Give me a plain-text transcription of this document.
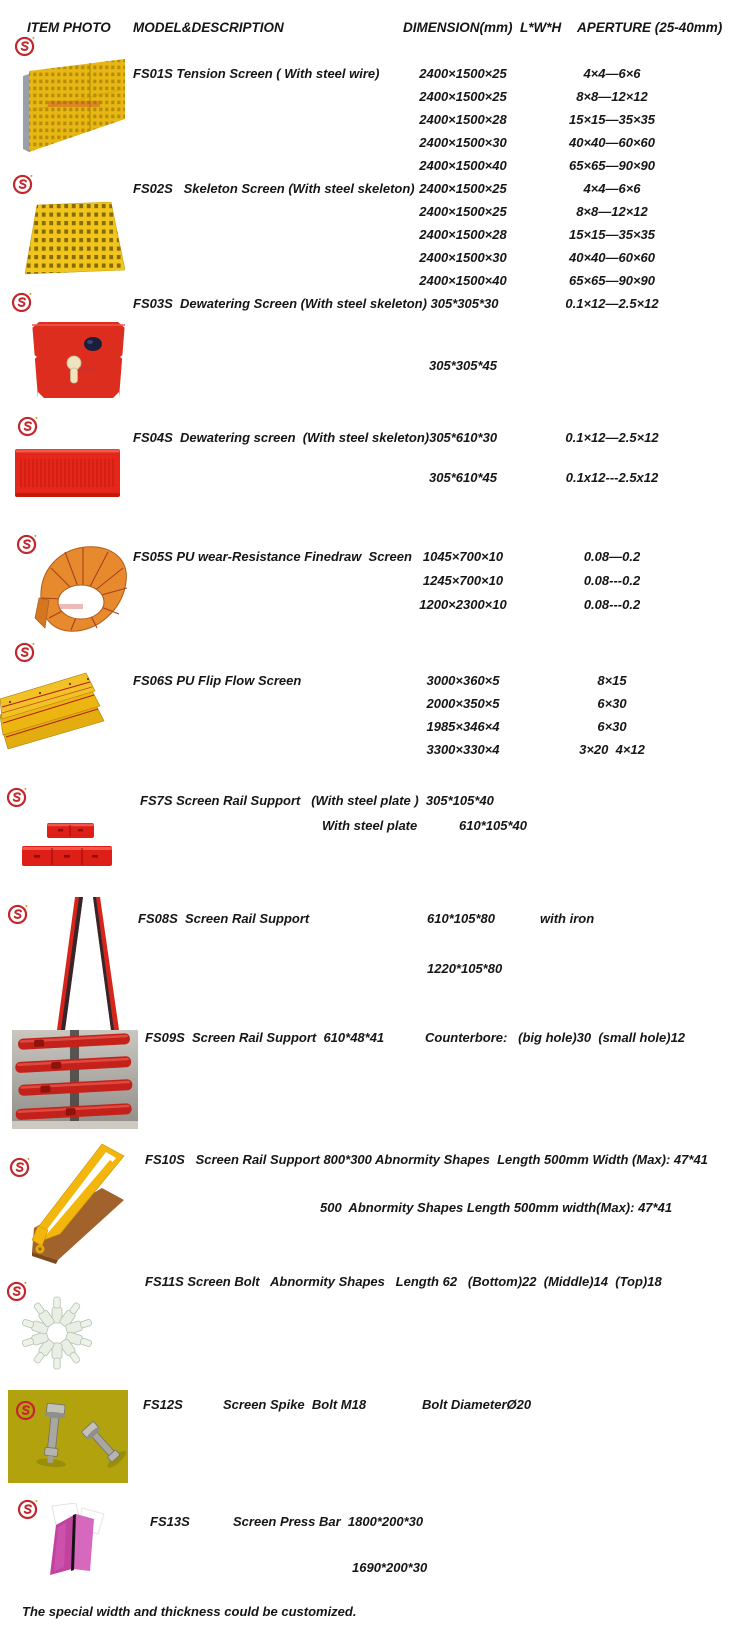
ITEM PHOTO MODEL&DESCRIPTION	DIMENSION(mm)  L*W*H APERTURE (25-40mm)
FS01S Tension Screen ( With steel wire)	2400×1500×25	4×4—6×6
2400×1500×25	8×8—12×12
2400×1500×28	15×15—35×35
2400×1500×30	40×40—60×60
2400×1500×40	65×65—90×90
FS02S   Skeleton Screen (With steel skeleton) 2400×1500×25	4×4—6×6
2400×1500×25	8×8—12×12
2400×1500×28	15×15—35×35
2400×1500×30	40×40—60×60
2400×1500×40	65×65—90×90
FS03S  Dewatering Screen (With steel skeleton) 305*305*30	0.1×12—2.5×12
305*305*45
FS04S  Dewatering screen  (With steel skeleton)305*610*30	0.1×12—2.5×12
305*610*45	0.1x12---2.5x12
FS05S PU wear-Resistance Finedraw  Screen 1045×700×10	0.08—0.2
1245×700×10	0.08---0.2
1200×2300×10	0.08---0.2
FS06S PU Flip Flow Screen	3000×360×5	8×15
2000×350×5	6×30
1985×346×4	6×30
3300×330×4	3×20  4×12
FS7S Screen Rail Support   (With steel plate )  305*105*40
With steel plate	610*105*40
FS08S  Screen Rail Support	610*105*80	with iron
1220*105*80
FS09S  Screen Rail Support  610*48*41	Counterbore:   (big hole)30  (small hole)12
FS10S   Screen Rail Support 800*300 Abnormity Shapes  Length 500mm Width (Max): 47*41
500  Abnormity Shapes Length 500mm width(Max): 47*41
FS11S Screen Bolt   Abnormity Shapes   Length 62   (Bottom)22  (Middle)14  (Top)18
FS12S	Screen Spike  Bolt M18	Bolt DiameterØ20
FS13S	Screen Press Bar  1800*200*30
1690*200*30
The special width and thickness could be customized.
